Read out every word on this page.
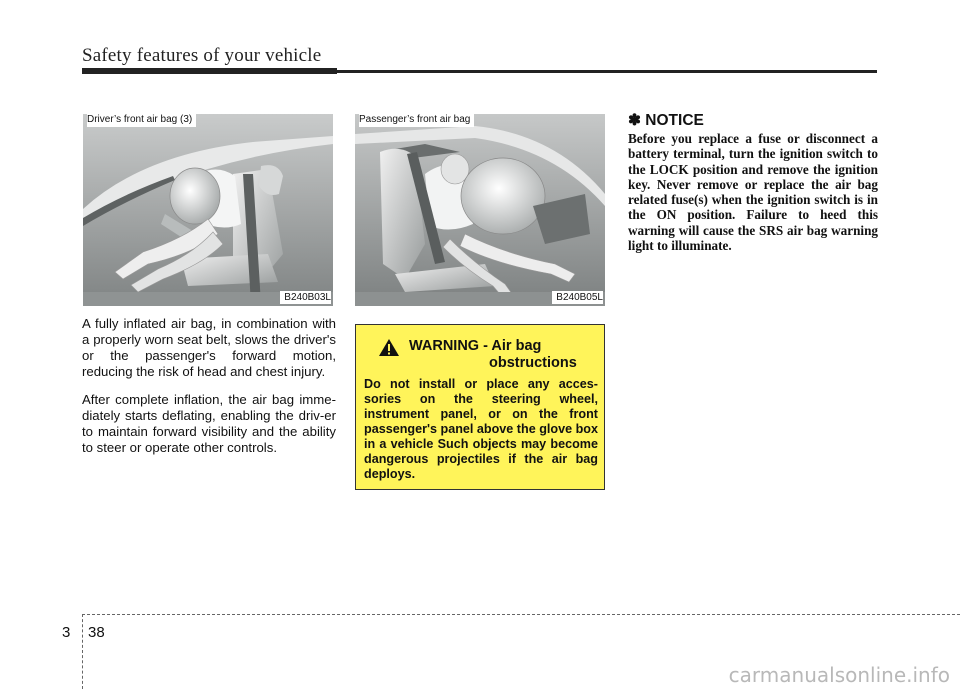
Safety features of your vehicle
Driver’s front air bag (3)
B240B03L
Passenger’s front air bag
B240B05L
A fully inflated air bag, in combination with a properly worn seat belt, slows the driver's or the passenger's forward motion, reducing the risk of head and chest injury.
After complete inflation, the air bag imme-diately starts deflating, enabling the driv-er to maintain forward visibility and the ability to steer or operate other controls.
WARNING - Air bag
obstructions
Do not install or place any acces-sories on the steering wheel, instrument panel, or on the front passenger's panel above the glove box in a vehicle Such objects may become dangerous projectiles if the air bag deploys.
✽ NOTICE
Before you replace a fuse or disconnect a battery terminal, turn the ignition switch to the LOCK position and remove the ignition key. Never remove or replace the air bag related fuse(s) when the ignition switch is in the ON position. Failure to heed this warning will cause the SRS air bag warning light to illuminate.
3 38
carmanualsonline.info
